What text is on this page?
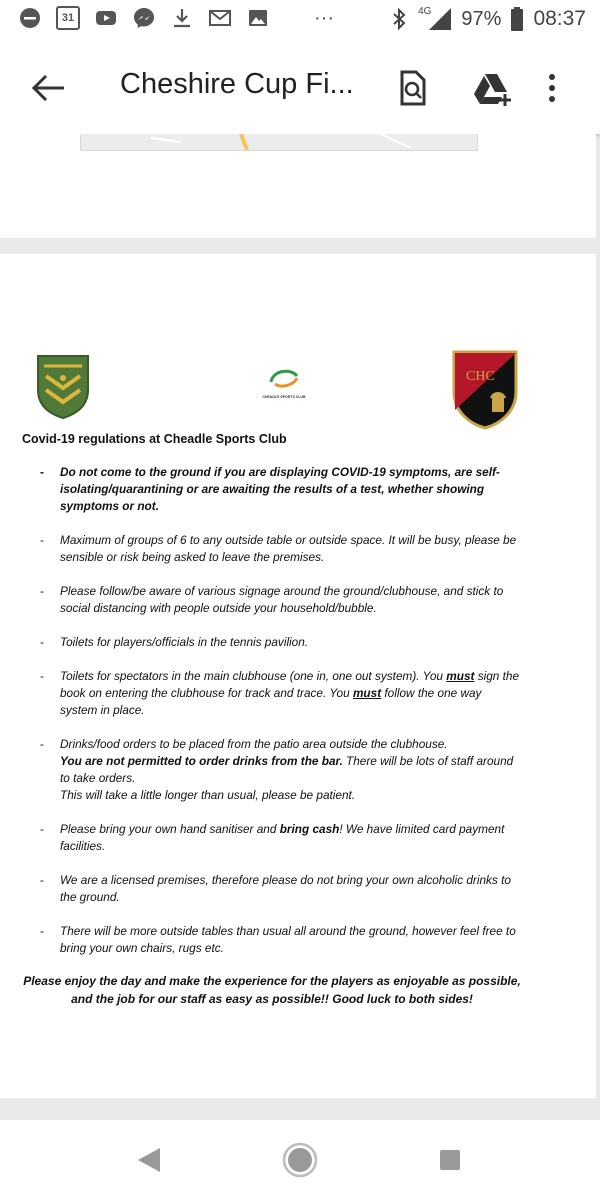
31	···	4G 97% 08:37
Cheshire Cup Fi...
CHEADLE SPORTS CLUB
CHC
Covid-19 regulations at Cheadle Sports Club
- Do not come to the ground if you are displaying COVID-19 symptoms, are self-isolating/quarantining or are awaiting the results of a test, whether showing symptoms or not.
- Maximum of groups of 6 to any outside table or outside space. It will be busy, please be sensible or risk being asked to leave the premises.
- Please follow/be aware of various signage around the ground/clubhouse, and stick to social distancing with people outside your household/bubble.
- Toilets for players/officials in the tennis pavilion.
- Toilets for spectators in the main clubhouse (one in, one out system). You must sign the book on entering the clubhouse for track and trace. You must follow the one way system in place.
- Drinks/food orders to be placed from the patio area outside the clubhouse.
You are not permitted to order drinks from the bar. There will be lots of staff around to take orders.
This will take a little longer than usual, please be patient.
- Please bring your own hand sanitiser and bring cash! We have limited card payment facilities.
- We are a licensed premises, therefore please do not bring your own alcoholic drinks to the ground.
- There will be more outside tables than usual all around the ground, however feel free to bring your own chairs, rugs etc.
Please enjoy the day and make the experience for the players as enjoyable as possible, and the job for our staff as easy as possible!! Good luck to both sides!
